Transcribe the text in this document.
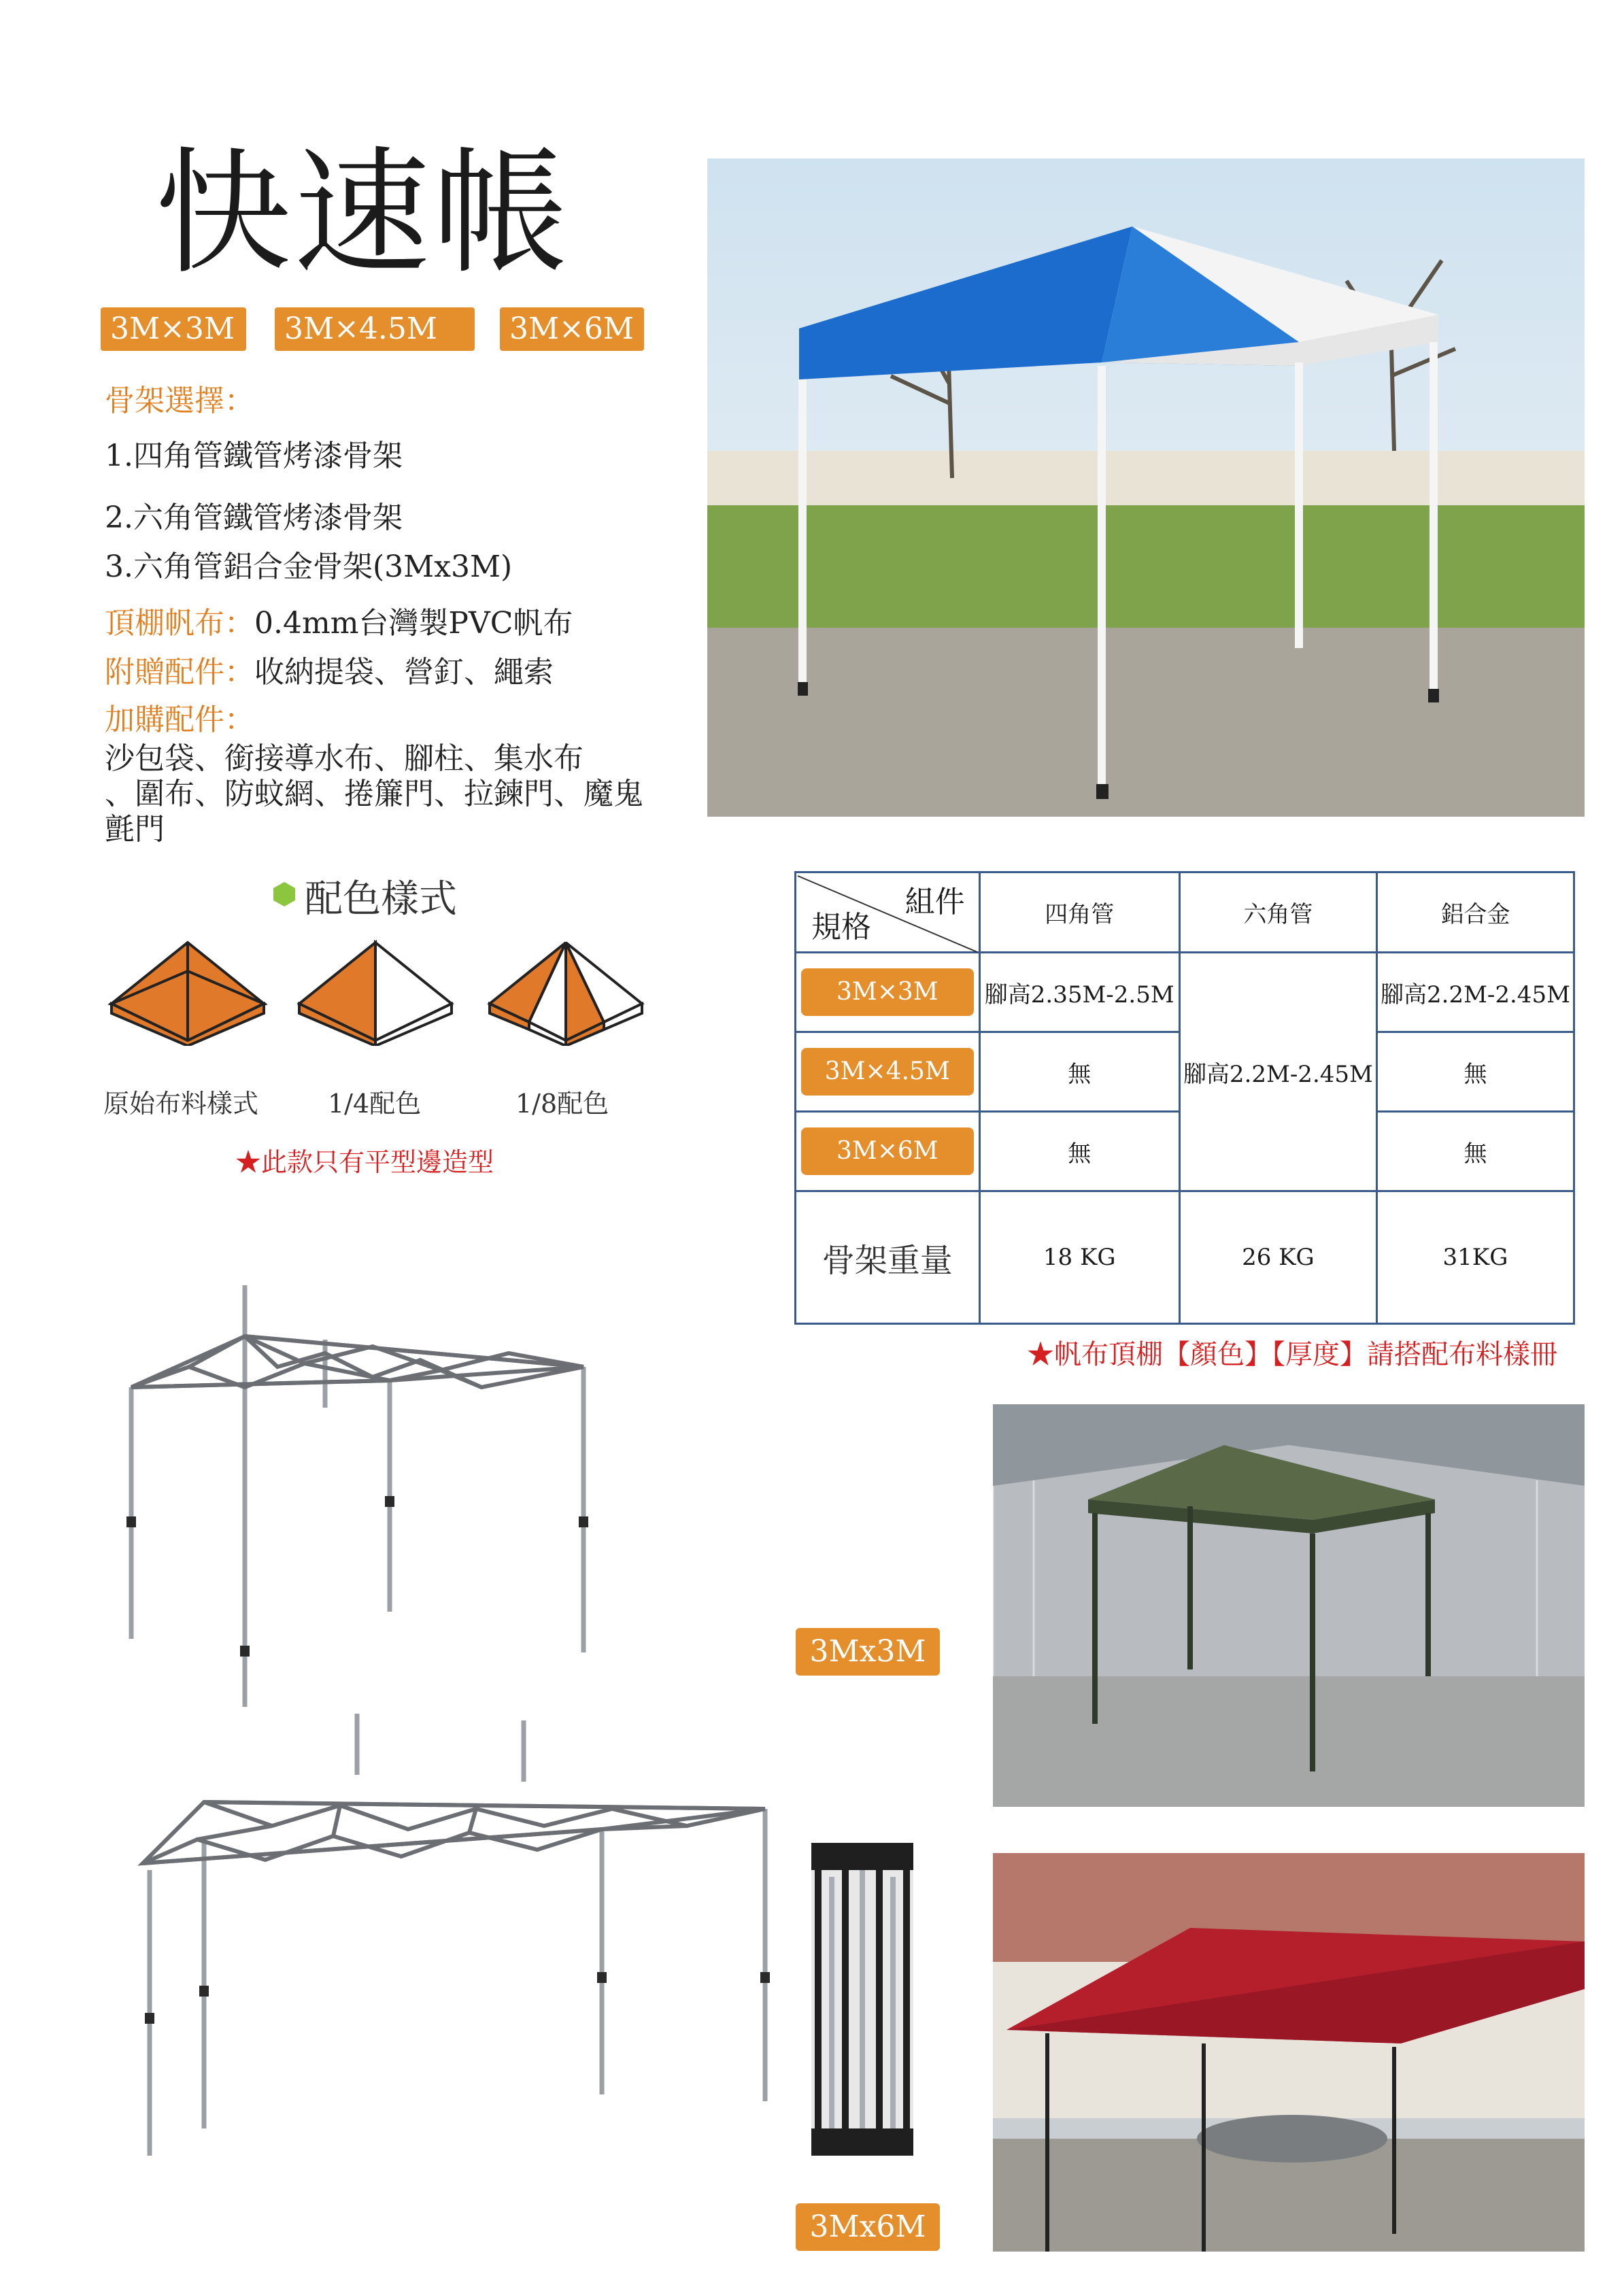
快速帳
3M×3M	3M×4.5M	3M×6M
骨架選擇：
1.四角管鐵管烤漆骨架
2.六角管鐵管烤漆骨架
3.六角管鋁合金骨架(3Mx3M)
頂棚帆布：0.4mm台灣製PVC帆布
附贈配件：收納提袋、營釘、繩索
加購配件：
沙包袋、銜接導水布、腳柱、集水布
、圍布、防蚊網、捲簾門、拉鍊門、魔鬼
氈門
配色樣式
原始布料樣式	1/4配色	1/8配色
★此款只有平型邊造型
組件
規格	四角管	六角管	鋁合金
3M×3M	腳高2.35M-2.5M	腳高2.2M-2.45M	腳高2.2M-2.45M
3M×4.5M	無		無
3M×6M	無		無
骨架重量	18 KG	26 KG	31KG
★帆布頂棚【顏色】【厚度】請搭配布料樣冊
3Mx3M
3Mx6M
